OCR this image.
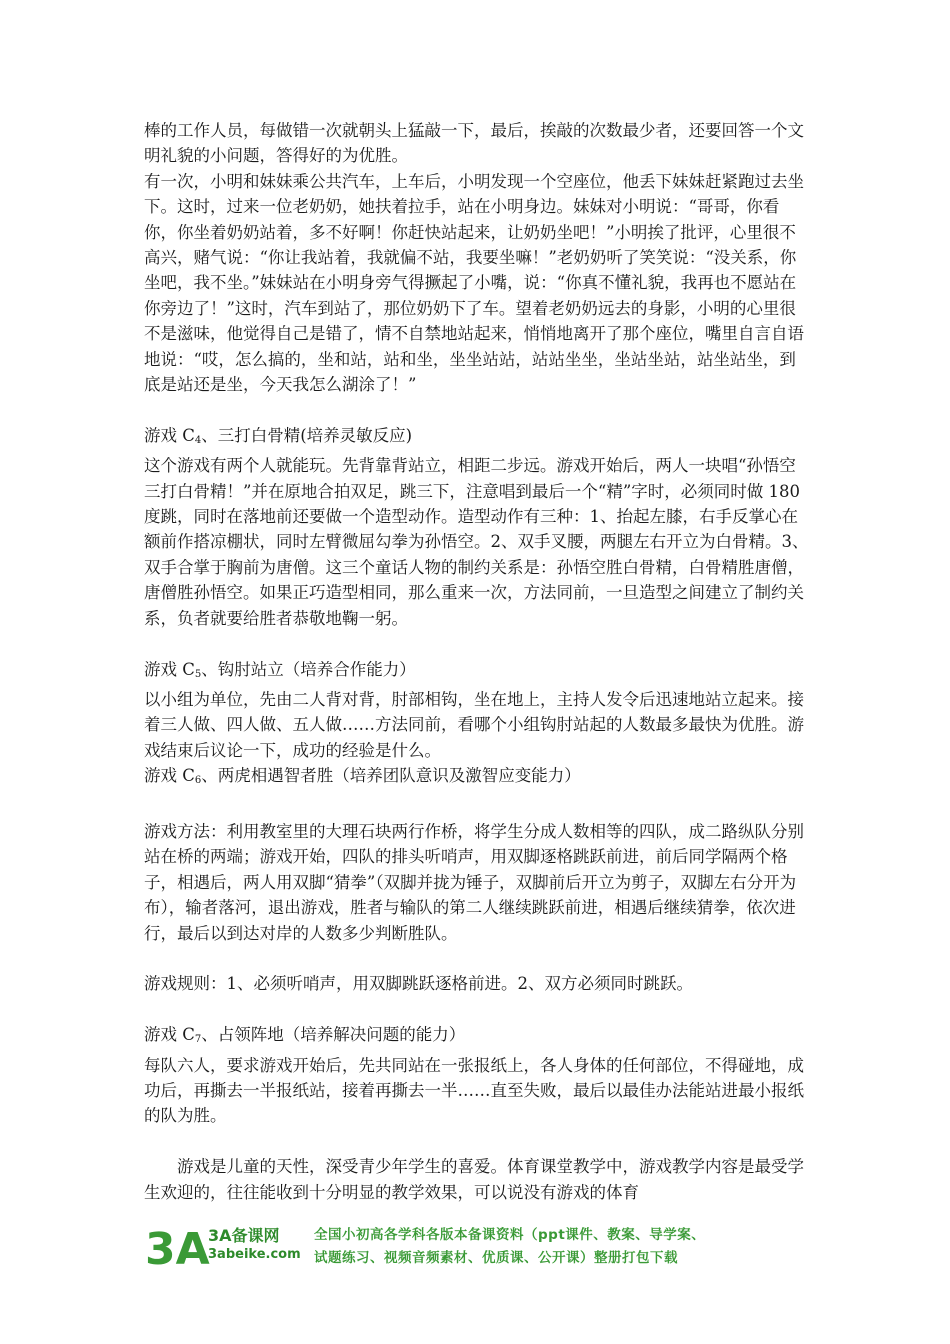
棒的工作人员，每做错一次就朝头上猛敲一下，最后，挨敲的次数最少者，还要回答一个文明礼貌的小问题，答得好的为优胜。

有一次，小明和妹妹乘公共汽车，上车后，小明发现一个空座位，他丢下妹妹赶紧跑过去坐下。这时，过来一位老奶奶，她扶着拉手，站在小明身边。妹妹对小明说：“哥哥，你看你，你坐着奶奶站着，多不好啊！你赶快站起来，让奶奶坐吧！”小明挨了批评，心里很不高兴，赌气说：“你让我站着，我就偏不站，我要坐嘛！”老奶奶听了笑笑说：“没关系，你坐吧，我不坐。”妹妹站在小明身旁气得撅起了小嘴，说：“你真不懂礼貌，我再也不愿站在你旁边了！”这时，汽车到站了，那位奶奶下了车。望着老奶奶远去的身影，小明的心里很不是滋味，他觉得自己是错了，情不自禁地站起来，悄悄地离开了那个座位，嘴里自言自语地说：“哎，怎么搞的，坐和站，站和坐，坐坐站站，站站坐坐，坐站坐站，站坐站坐，到底是站还是坐，今天我怎么湖涂了！”

游戏 $C_4$、三打白骨精(培养灵敏反应)

这个游戏有两个人就能玩。先背靠背站立，相距二步远。游戏开始后，两人一块唱“孙悟空三打白骨精！”并在原地合拍双足，跳三下，注意唱到最后一个“精”字时，必须同时做 180 度跳，同时在落地前还要做一个造型动作。造型动作有三种：1、抬起左膝，右手反掌心在额前作搭凉棚状，同时左臂微屈勾拳为孙悟空。2、双手叉腰，两腿左右开立为白骨精。3、双手合掌于胸前为唐僧。这三个童话人物的制约关系是：孙悟空胜白骨精，白骨精胜唐僧，唐僧胜孙悟空。如果正巧造型相同，那么重来一次，方法同前，一旦造型之间建立了制约关系，负者就要给胜者恭敬地鞠一躬。

游戏 $C_5$、钩肘站立（培养合作能力）

以小组为单位，先由二人背对背，肘部相钩，坐在地上，主持人发令后迅速地站立起来。接着三人做、四人做、五人做……方法同前，看哪个小组钩肘站起的人数最多最快为优胜。游戏结束后议论一下，成功的经验是什么。

游戏 $C_6$、两虎相遇智者胜（培养团队意识及激智应变能力）

游戏方法：利用教室里的大理石块两行作桥，将学生分成人数相等的四队，成二路纵队分别站在桥的两端；游戏开始，四队的排头听哨声，用双脚逐格跳跃前进，前后同学隔两个格子，相遇后，两人用双脚“猜拳”（双脚并拢为锤子，双脚前后开立为剪子，双脚左右分开为布），输者落河，退出游戏，胜者与输队的第二人继续跳跃前进，相遇后继续猜拳，依次进行，最后以到达对岸的人数多少判断胜队。

游戏规则：1、必须听哨声，用双脚跳跃逐格前进。2、双方必须同时跳跃。

游戏 $C_7$、占领阵地（培养解决问题的能力）

每队六人，要求游戏开始后，先共同站在一张报纸上，各人身体的任何部位，不得碰地，成功后，再撕去一半报纸站，接着再撕去一半……直至失败，最后以最佳办法能站进最小报纸的队为胜。

游戏是儿童的天性，深受青少年学生的喜爱。体育课堂教学中，游戏教学内容是最受学生欢迎的，往往能收到十分明显的教学效果，可以说没有游戏的体育

3A
3A备课网
3abeike.com
全国小初高各学科各版本备课资料（ppt课件、教案、导学案、
试题练习、视频音频素材、优质课、公开课）整册打包下载
